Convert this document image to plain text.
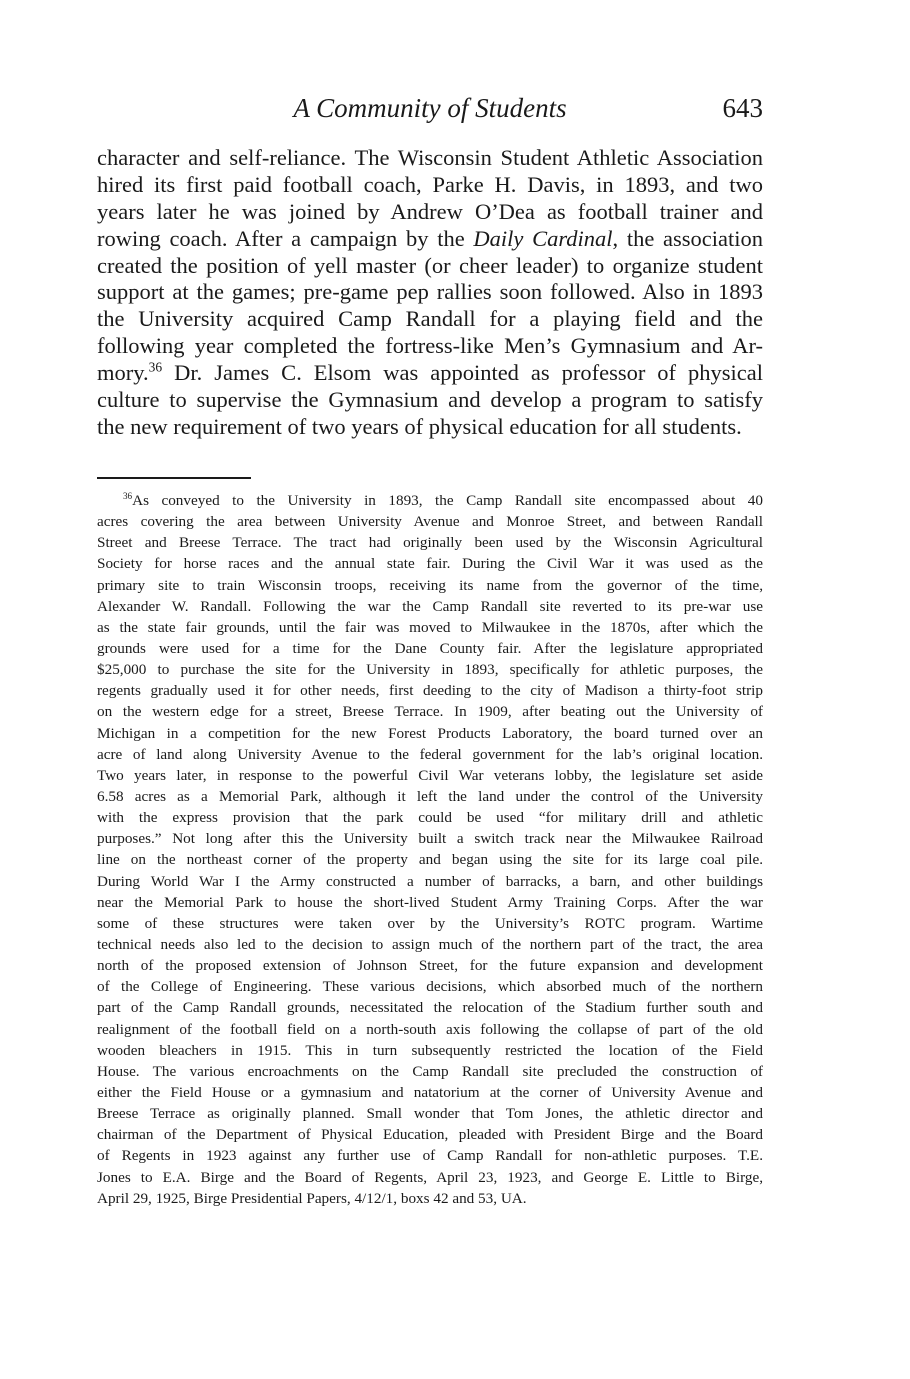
A Community of Students	643
character and self-reliance. The Wisconsin Student Athletic Association
hired its first paid football coach, Parke H. Davis, in 1893, and two
years later he was joined by Andrew O’Dea as football trainer and
rowing coach. After a campaign by the Daily Cardinal, the association
created the position of yell master (or cheer leader) to organize student
support at the games; pre-game pep rallies soon followed. Also in 1893
the University acquired Camp Randall for a playing field and the
following year completed the fortress-like Men’s Gymnasium and Ar-
mory.$^{36}$ Dr. James C. Elsom was appointed as professor of physical
culture to supervise the Gymnasium and develop a program to satisfy
the new requirement of two years of physical education for all students.
$^{36}$As conveyed to the University in 1893, the Camp Randall site encompassed about 40
acres covering the area between University Avenue and Monroe Street, and between Randall
Street and Breese Terrace. The tract had originally been used by the Wisconsin Agricultural
Society for horse races and the annual state fair. During the Civil War it was used as the
primary site to train Wisconsin troops, receiving its name from the governor of the time,
Alexander W. Randall. Following the war the Camp Randall site reverted to its pre-war use
as the state fair grounds, until the fair was moved to Milwaukee in the 1870s, after which the
grounds were used for a time for the Dane County fair. After the legislature appropriated
$25,000 to purchase the site for the University in 1893, specifically for athletic purposes, the
regents gradually used it for other needs, first deeding to the city of Madison a thirty-foot strip
on the western edge for a street, Breese Terrace. In 1909, after beating out the University of
Michigan in a competition for the new Forest Products Laboratory, the board turned over an
acre of land along University Avenue to the federal government for the lab’s original location.
Two years later, in response to the powerful Civil War veterans lobby, the legislature set aside
6.58 acres as a Memorial Park, although it left the land under the control of the University
with the express provision that the park could be used “for military drill and athletic
purposes.” Not long after this the University built a switch track near the Milwaukee Railroad
line on the northeast corner of the property and began using the site for its large coal pile.
During World War I the Army constructed a number of barracks, a barn, and other buildings
near the Memorial Park to house the short-lived Student Army Training Corps. After the war
some of these structures were taken over by the University’s ROTC program. Wartime
technical needs also led to the decision to assign much of the northern part of the tract, the area
north of the proposed extension of Johnson Street, for the future expansion and development
of the College of Engineering. These various decisions, which absorbed much of the northern
part of the Camp Randall grounds, necessitated the relocation of the Stadium further south and
realignment of the football field on a north-south axis following the collapse of part of the old
wooden bleachers in 1915. This in turn subsequently restricted the location of the Field
House. The various encroachments on the Camp Randall site precluded the construction of
either the Field House or a gymnasium and natatorium at the corner of University Avenue and
Breese Terrace as originally planned. Small wonder that Tom Jones, the athletic director and
chairman of the Department of Physical Education, pleaded with President Birge and the Board
of Regents in 1923 against any further use of Camp Randall for non-athletic purposes. T.E.
Jones to E.A. Birge and the Board of Regents, April 23, 1923, and George E. Little to Birge,
April 29, 1925, Birge Presidential Papers, 4/12/1, boxs 42 and 53, UA.
